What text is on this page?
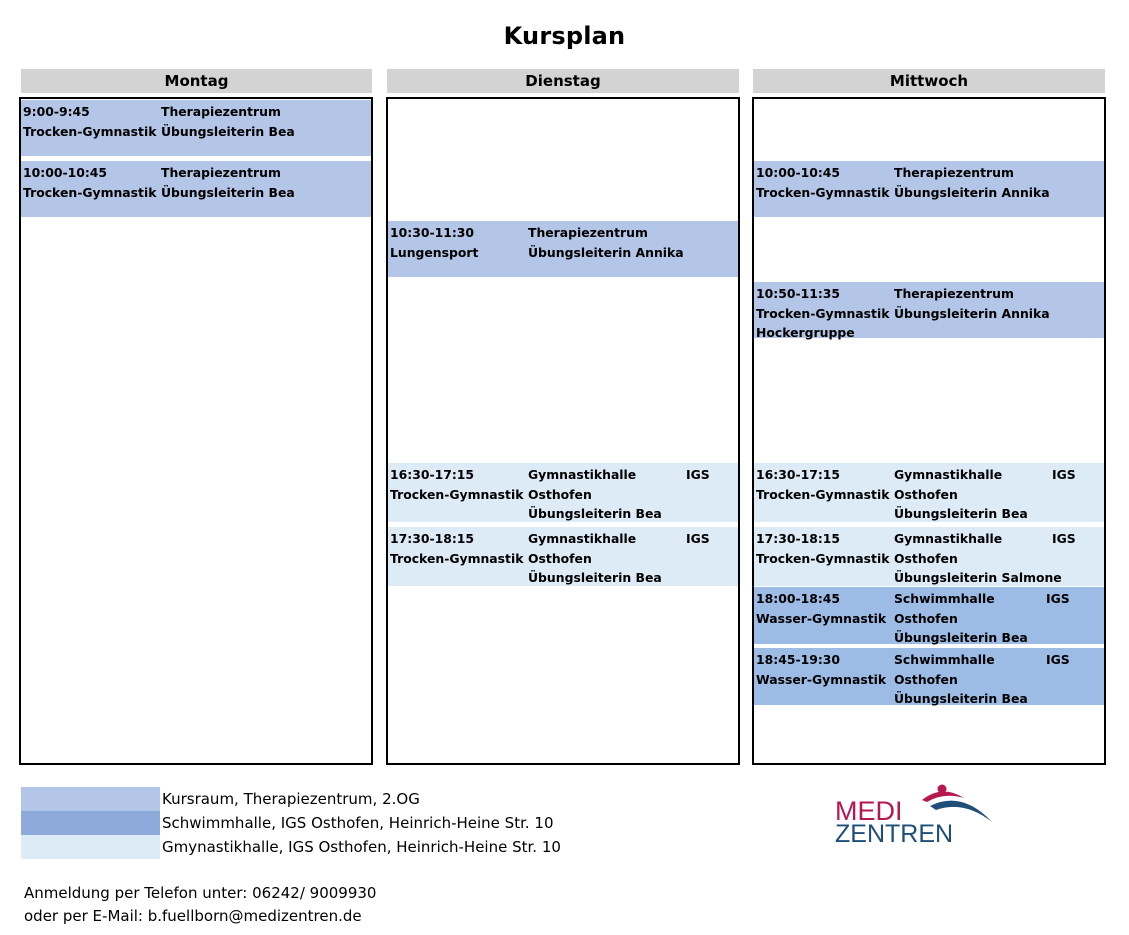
Kursplan
Montag	Dienstag	Mittwoch
9:00-9:45
Trocken-Gymnastik
Therapiezentrum
Übungsleiterin Bea
10:00-10:45
Trocken-Gymnastik
Therapiezentrum
Übungsleiterin Bea
10:30-11:30
Lungensport
Therapiezentrum
Übungsleiterin Annika
16:30-17:15
Trocken-Gymnastik
Gymnastikhalle
Osthofen
Übungsleiterin Bea
IGS
17:30-18:15
Trocken-Gymnastik
Gymnastikhalle
Osthofen
Übungsleiterin Bea
IGS
10:00-10:45
Trocken-Gymnastik
Therapiezentrum
Übungsleiterin Annika
10:50-11:35
Trocken-Gymnastik
Hockergruppe
Therapiezentrum
Übungsleiterin Annika
16:30-17:15
Trocken-Gymnastik
Gymnastikhalle
Osthofen
Übungsleiterin Bea
IGS
17:30-18:15
Trocken-Gymnastik
Gymnastikhalle
Osthofen
Übungsleiterin Salmone
IGS
18:00-18:45
Wasser-Gymnastik
Schwimmhalle
Osthofen
Übungsleiterin Bea
IGS
18:45-19:30
Wasser-Gymnastik
Schwimmhalle
Osthofen
Übungsleiterin Bea
IGS
Kursraum, Therapiezentrum, 2.OG
Schwimmhalle, IGS Osthofen, Heinrich-Heine Str. 10
Gmynastikhalle, IGS Osthofen, Heinrich-Heine Str. 10
Anmeldung per Telefon unter: 06242/ 9009930
oder per E-Mail: b.fuellborn@medizentren.de
MEDI
ZENTREN
